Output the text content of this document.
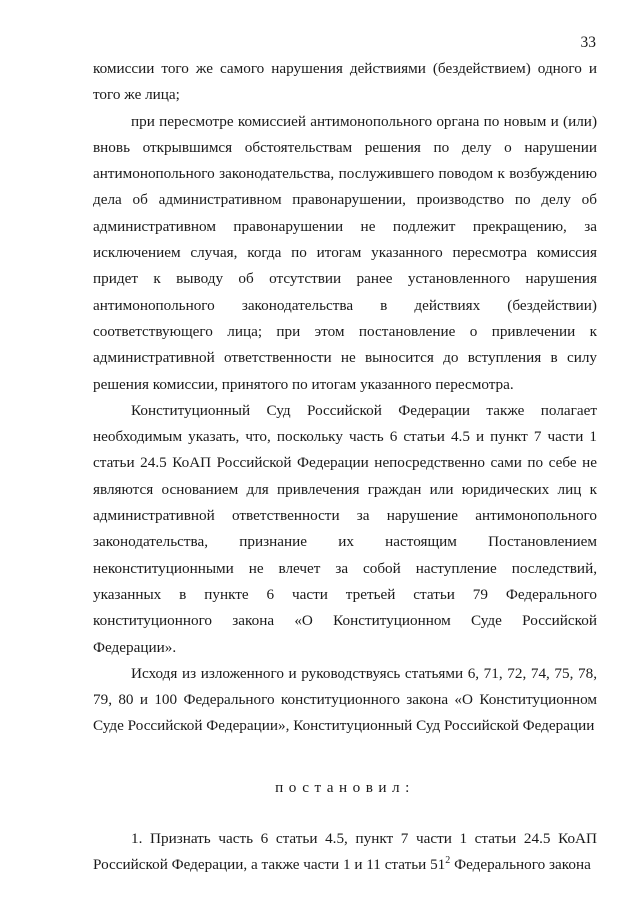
33

комиссии того же самого нарушения действиями (бездействием) одного и того же лица;

при пересмотре комиссией антимонопольного органа по новым и (или) вновь открывшимся обстоятельствам решения по делу о нарушении антимонопольного законодательства, послужившего поводом к возбуждению дела об административном правонарушении, производство по делу об административном правонарушении не подлежит прекращению, за исключением случая, когда по итогам указанного пересмотра комиссия придет к выводу об отсутствии ранее установленного нарушения антимонопольного законодательства в действиях (бездействии) соответствующего лица; при этом постановление о привлечении к административной ответственности не выносится до вступления в силу решения комиссии, принятого по итогам указанного пересмотра.

Конституционный Суд Российской Федерации также полагает необходимым указать, что, поскольку часть 6 статьи 4.5 и пункт 7 части 1 статьи 24.5 КоАП Российской Федерации непосредственно сами по себе не являются основанием для привлечения граждан или юридических лиц к административной ответственности за нарушение антимонопольного законодательства, признание их настоящим Постановлением неконституционными не влечет за собой наступление последствий, указанных в пункте 6 части третьей статьи 79 Федерального конституционного закона «О Конституционном Суде Российской Федерации».

Исходя из изложенного и руководствуясь статьями 6, 71, 72, 74, 75, 78, 79, 80 и 100 Федерального конституционного закона «О Конституционном Суде Российской Федерации», Конституционный Суд Российской Федерации

постановил:

1. Признать часть 6 статьи 4.5, пункт 7 части 1 статьи 24.5 КоАП Российской Федерации, а также части 1 и 11 статьи $51^2$ Федерального закона
